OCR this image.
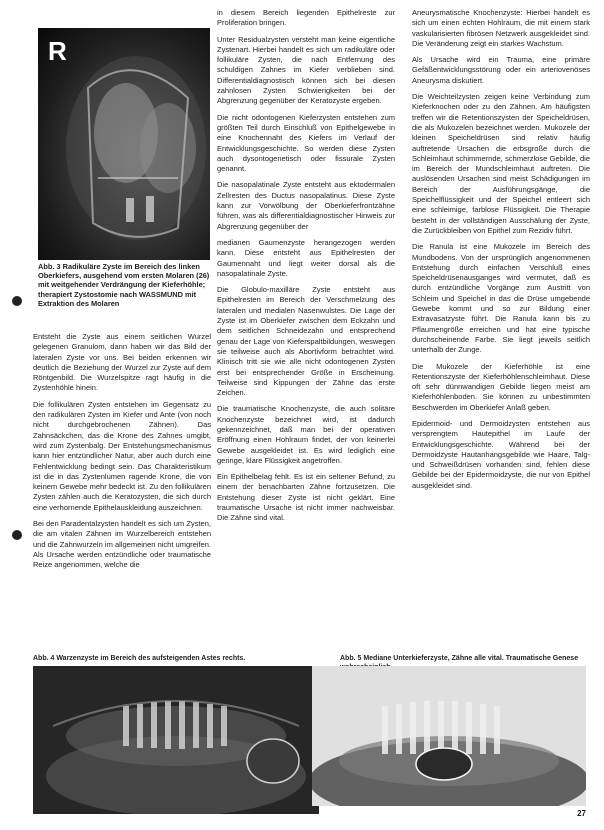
R
Abb. 3 Radikuläre Zyste im Bereich des linken Oberkiefers, ausgehend vom ersten Molaren (26) mit weitgehender Verdrängung der Kieferhöhle; therapiert Zystostomie nach WASSMUND mit Extraktion des Molaren

Entsteht die Zyste aus einem seitlichen Wurzel gelegenen Granulom, dann haben wir das Bild der lateralen Zyste vor uns. Bei beiden erkennen wir deutlich die Beziehung der Wurzel zur Zyste auf dem Röntgenbild. Die Wurzelspitze ragt häufig in die Zystenhöhle hinein.

Die follikulären Zysten entstehen im Gegensatz zu den radikulären Zysten im Kiefer und Ante (von noch nicht durchgebrochenen Zähnen). Das Zahnsäckchen, das die Krone des Zahnes umgibt, wird zum Zystenbalg. Der Entstehungsmechanismus kann hier entzündlicher Natur, aber auch durch eine Fehlentwicklung bedingt sein. Das Charakteristikum ist die in das Zystenlumen ragende Krone, die von keinem Gewebe mehr bedeckt ist. Zu den follikulären Zysten zählen auch die Keratozysten, die sich durch eine verhornende Epithelauskleidung auszeichnen.

Bei den Paradentalzysten handelt es sich um Zysten, die am vitalen Zähnen im Wurzelbereich entstehen und die Zahnwurzeln im allgemeinen nicht umgreifen. Als Ursache werden entzündliche oder traumatische Reize angenommen, welche die

in diesem Bereich liegenden Epithelreste zur Proliferation bringen.

Unter Residualzysten versteht man keine eigentliche Zystenart. Hierbei handelt es sich um radikuläre oder follikuläre Zysten, die nach Entfernung des schuldigen Zahnes im Kiefer verblieben sind. Differentialdiagnostisch können sich bei diesen zahnlosen Zysten Schwierigkeiten bei der Abgrenzung gegenüber der Keratozyste ergeben.

Die nicht odontogenen Kieferzysten entstehen zum größten Teil durch Einschluß von Epithelgewebe in eine Knochennaht des Kiefers im Verlauf der Entwicklungsgeschichte. So werden diese Zysten auch dysontogenetisch oder fissurale Zysten genannt.

Die nasopalatinale Zyste entsteht aus ektodermalen Zellresten des Ductus nasopalatinus. Diese Zyste kann zur Vorwölbung der Oberkieferfrontzähne führen, was als differentialdiagnostischer Hinweis zur Abgrenzung gegenüber der

medianen Gaumenzyste herangezogen werden kann. Diese entsteht aus Epithelresten der Gaumennaht und liegt weiter dorsal als die nasopalatinale Zyste.

Die Globulo-maxilläre Zyste entsteht aus Epithelresten im Bereich der Verschmelzung des lateralen und medialen Nasenwulstes. Die Lage der Zyste ist im Oberkiefer zwischen dem Eckzahn und dem seitlichen Schneidezahn und entsprechend genau der Lage von Kieferspaltbildungen, weswegen sie teilweise auch als Abortivform betrachtet wird. Klinisch tritt sie wie alle nicht odontogenen Zysten erst bei entsprechender Größe in Erscheinung. Teilweise sind Kippungen der Zähne das erste Zeichen.

Die traumatische Knochenzyste, die auch solitäre Knochenzyste bezeichnet wird, ist dadurch gekennzeichnet, daß man bei der operativen Eröffnung einen Hohlraum findet, der von keinerlei Gewebe ausgekleidet ist. Es wird lediglich eine geringe, klare Flüssigkeit angetroffen.

Ein Epithelbelag fehlt. Es ist ein seltener Befund, zu einem der benachbarten Zähne fortzusetzen. Die Entstehung dieser Zyste ist nicht geklärt. Eine traumatische Ursache ist nicht immer nachweisbar. Die Zähne sind vital.

Aneurysmatische Knochenzyste: Hierbei handelt es sich um einen echten Hohlraum, die mit einem stark vaskularisierten fibrösen Netzwerk ausgekleidet sind. Die Veränderung zeigt ein starkes Wachstum.

Als Ursache wird ein Trauma, eine primäre Gefäßentwicklungsstörung oder ein arteriovenöses Aneurysma diskutiert.

Die Weichteilzysten zeigen keine Verbindung zum Kieferknochen oder zu den Zähnen. Am häufigsten treffen wir die Retentionszysten der Speicheldrüsen, die als Mukozelen bezeichnet werden. Mukozele der kleinen Speicheldrüsen sind relativ häufig auftretende Ursachen die erbsgroße durch die Schleimhaut schimmernde, schmerzlose Gebilde, die im Bereich der Mundschleimhaut auftreten. Die auslösenden Ursachen sind meist Schädigungen im Bereich der Ausführungsgänge, die Speichelflüssigkeit und der Speichel entleert sich eine schleimige, farblose Flüssigkeit. Die Therapie besteht in der vollständigen Ausschälung der Zyste, die Zurückbleiben von Epithel zum Rezidiv führt.

Die Ranula ist eine Mukozele im Bereich des Mundbodens. Von der ursprünglich angenommenen Entstehung durch einfachen Verschluß eines Speicheldrüsenausganges wird vermutet, daß es durch entzündliche Vorgänge zum Austritt von Schleim und Speichel in das die Drüse umgebende Gewebe kommt und so zur Bildung einer Extravasatzyste führt. Die Ranula kann bis zu Pflaumengröße erreichen und hat eine typische durchscheinende Farbe. Sie liegt jeweils seitlich unterhalb der Zunge.

Die Mukozele der Kieferhöhle ist eine Retentionszyste der Kieferhöhlenschleimhaut. Diese oft sehr dünnwandigen Gebilde liegen meist am Kieferhöhlenboden. Sie können zu unbestimmten Beschwerden im Oberkiefer Anlaß geben.

Epidermoid- und Dermoidzysten entstehen aus versprengtem Hautepithel im Laufe der Entwicklungsgeschichte. Während bei der Dermoidzyste Hautanhangsgebilde wie Haare, Talg- und Schweißdrüsen vorhanden sind, fehlen diese Gebilde bei der Epidermoidzyste, die nur von Epithel ausgekleidet sind.

Abb. 4 Warzenzyste im Bereich des aufsteigenden Astes rechts.	Abb. 5 Mediane Unterkieferzyste, Zähne alle vital. Traumatische Genese
27
